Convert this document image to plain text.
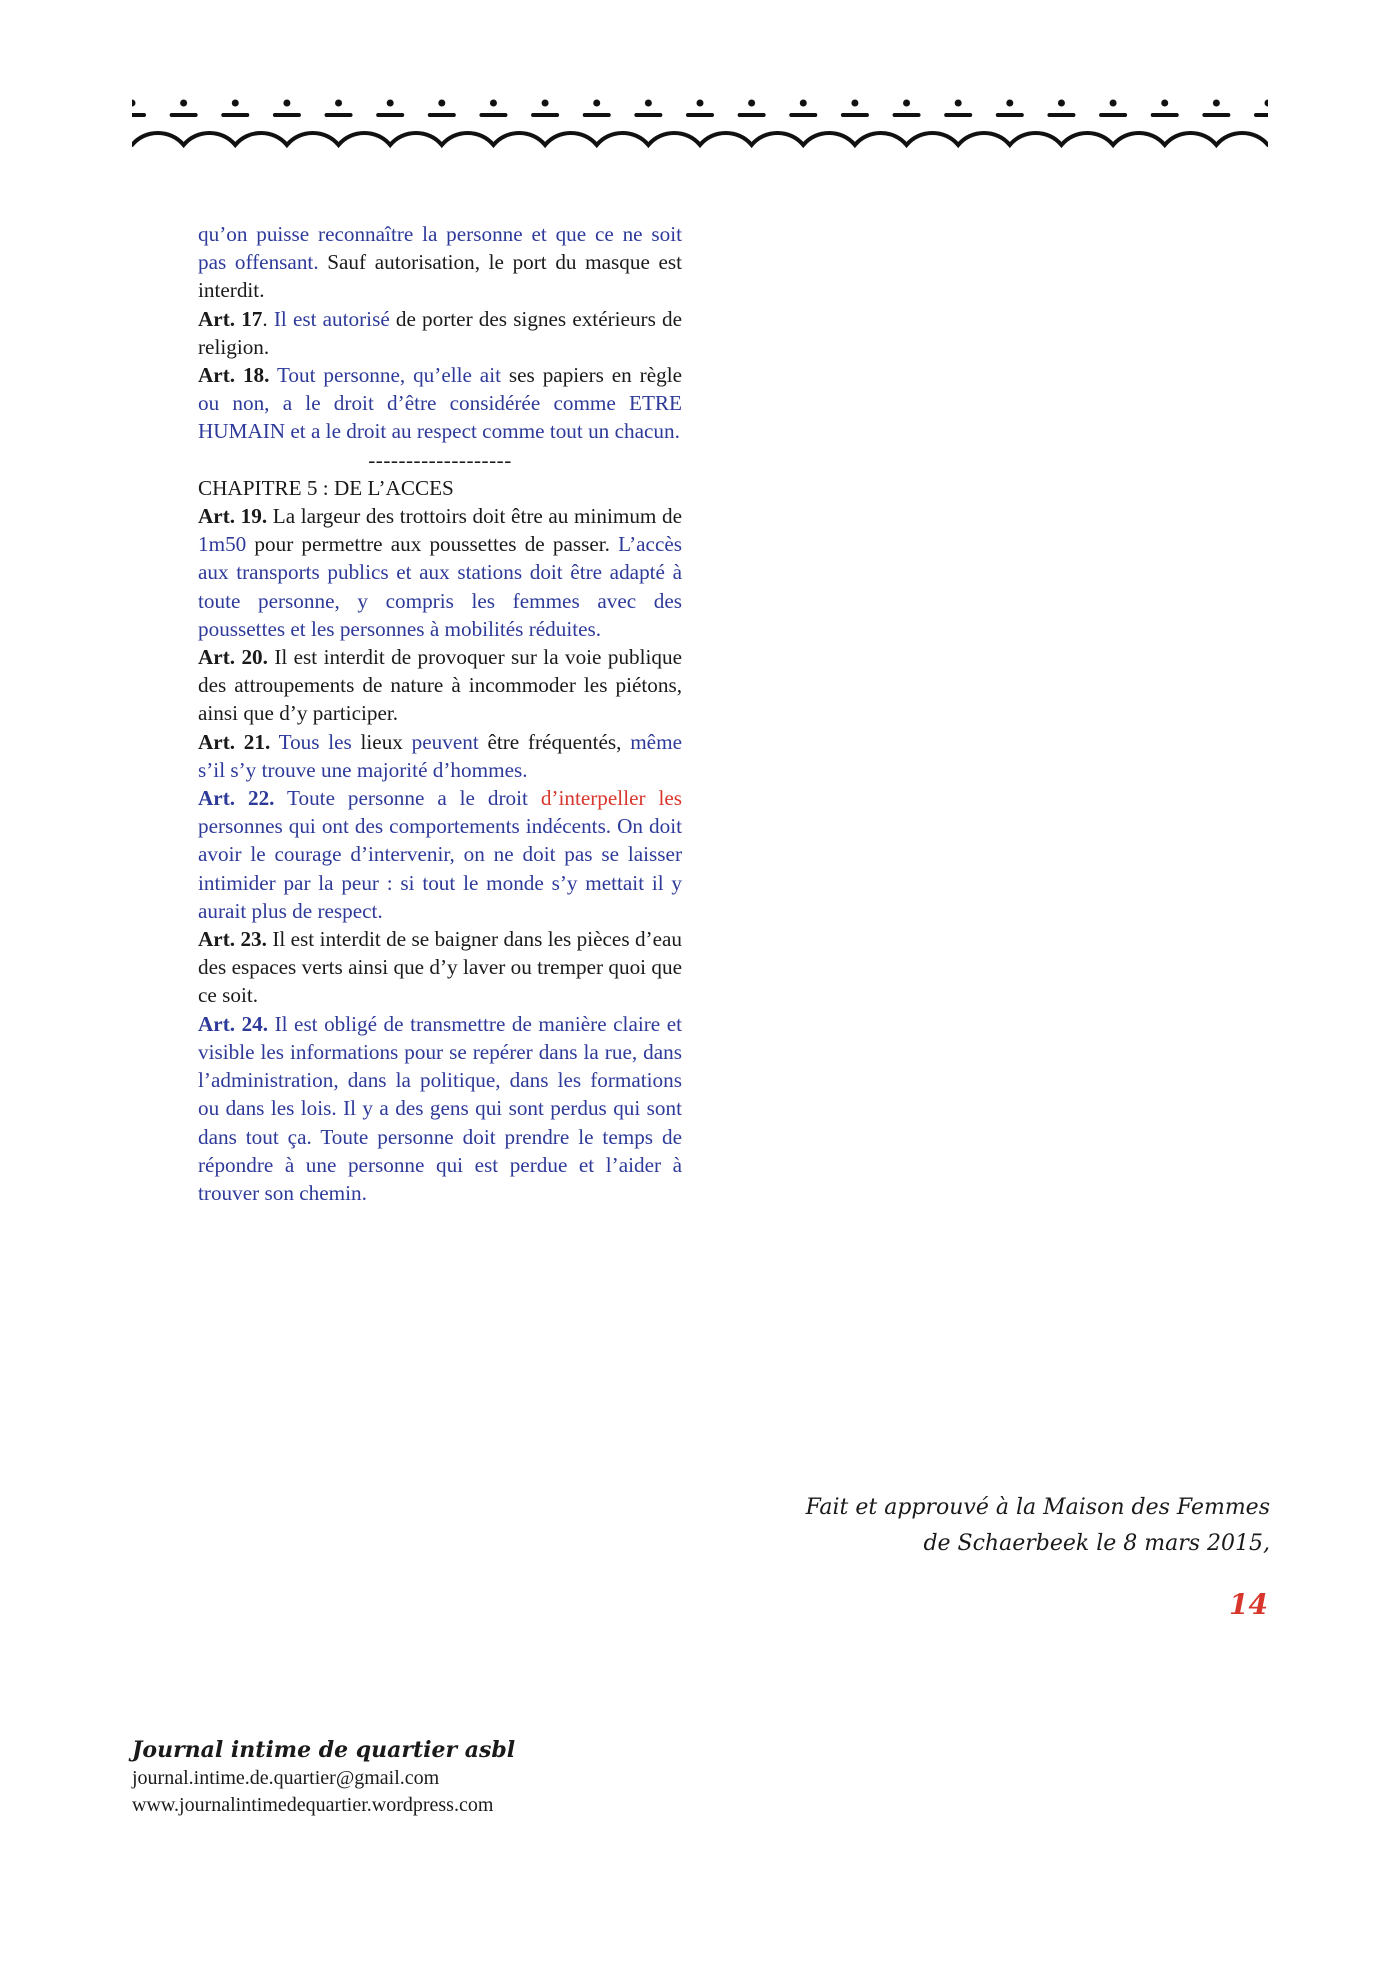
qu’on puisse reconnaître la personne et que ce ne soit pas offensant. Sauf autorisation, le port du masque est interdit.

Art. 17. Il est autorisé de porter des signes extérieurs de religion.

Art. 18. Tout personne, qu’elle ait ses papiers en règle ou non, a le droit d’être considérée comme ETRE HUMAIN et a le droit au respect comme tout un chacun.

-------------------

CHAPITRE 5 : DE L’ACCES

Art. 19. La largeur des trottoirs doit être au minimum de 1m50 pour permettre aux poussettes de passer. L’accès aux transports publics et aux stations doit être adapté à toute personne, y compris les femmes avec des poussettes et les personnes à mobilités réduites.

Art. 20. Il est interdit de provoquer sur la voie publique des attroupements de nature à incommoder les piétons, ainsi que d’y participer.

Art. 21. Tous les lieux peuvent être fréquentés, même s’il s’y trouve une majorité d’hommes.

Art. 22. Toute personne a le droit d’interpeller les personnes qui ont des comportements indécents. On doit avoir le courage d’intervenir, on ne doit pas se laisser intimider par la peur : si tout le monde s’y mettait il y aurait plus de respect.

Art. 23. Il est interdit de se baigner dans les pièces d’eau des espaces verts ainsi que d’y laver ou tremper quoi que ce soit.

Art. 24. Il est obligé de transmettre de manière claire et visible les informations pour se repérer dans la rue, dans l’administration, dans la politique, dans les formations ou dans les lois. Il y a des gens qui sont perdus qui sont dans tout ça. Toute personne doit prendre le temps de répondre à une personne qui est perdue et l’aider à trouver son chemin.

Fait et approuvé à la Maison des Femmes
de Schaerbeek le 8 mars 2015,
14
Journal intime de quartier asbl
journal.intime.de.quartier@gmail.com
www.journalintimedequartier.wordpress.com
